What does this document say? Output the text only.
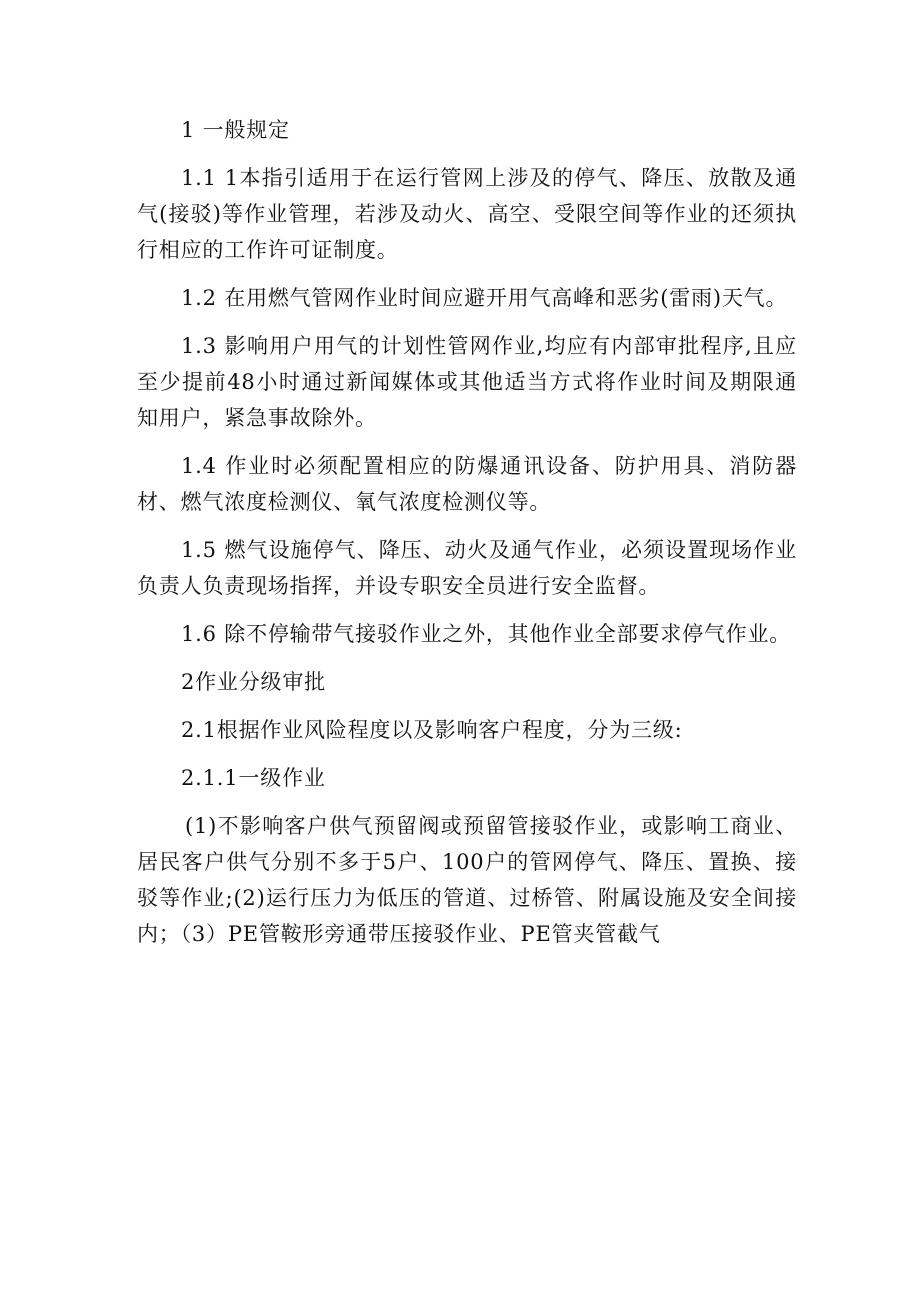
1 一般规定

1.1 1本指引适用于在运行管网上涉及的停气、降压、放散及通气(接驳)等作业管理，若涉及动火、高空、受限空间等作业的还须执行相应的工作许可证制度。

1.2 在用燃气管网作业时间应避开用气高峰和恶劣(雷雨)天气。

1.3 影响用户用气的计划性管网作业,均应有内部审批程序,且应至少提前48小时通过新闻媒体或其他适当方式将作业时间及期限通知用户，紧急事故除外。

1.4 作业时必须配置相应的防爆通讯设备、防护用具、消防器材、燃气浓度检测仪、氧气浓度检测仪等。

1.5 燃气设施停气、降压、动火及通气作业，必须设置现场作业负责人负责现场指挥，并设专职安全员进行安全监督。

1.6 除不停输带气接驳作业之外，其他作业全部要求停气作业。

2作业分级审批

2.1根据作业风险程度以及影响客户程度，分为三级:

2.1.1一级作业

(1)不影响客户供气预留阀或预留管接驳作业，或影响工商业、居民客户供气分别不多于5户、100户的管网停气、降压、置换、接驳等作业;(2)运行压力为低压的管道、过桥管、附属设施及安全间接内；（3）PE管鞍形旁通带压接驳作业、PE管夹管截气
